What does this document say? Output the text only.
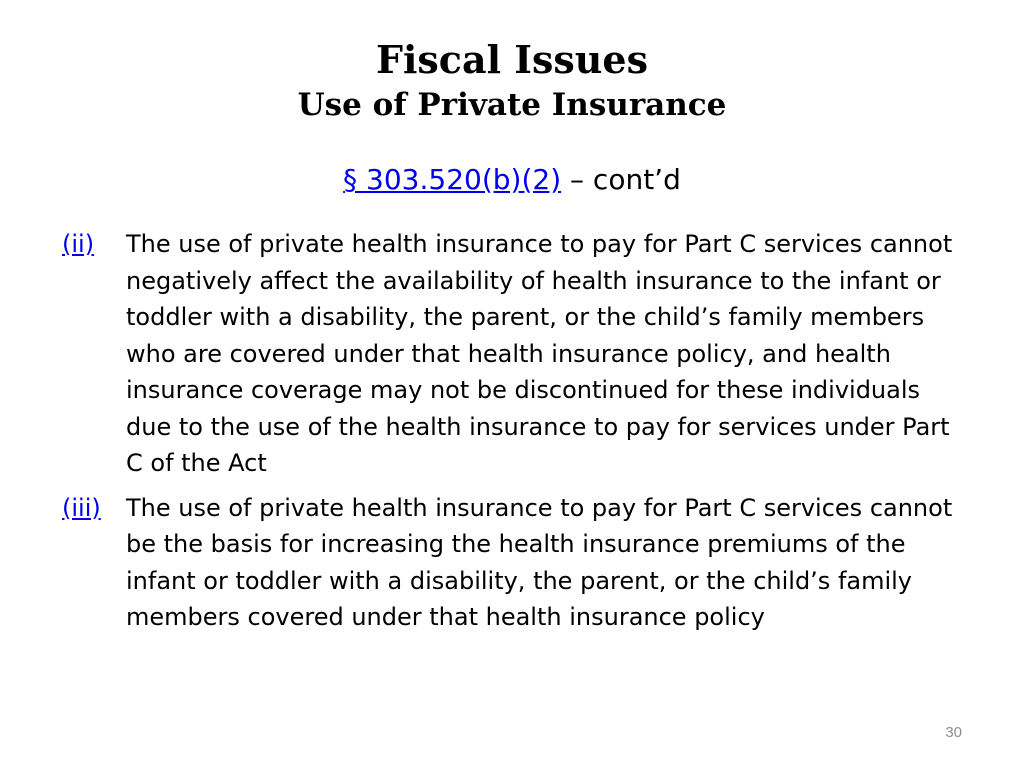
Fiscal Issues
Use of Private Insurance
§ 303.520(b)(2) – cont’d

(ii) The use of private health insurance to pay for Part C services cannot negatively affect the availability of health insurance to the infant or toddler with a disability, the parent, or the child’s family members who are covered under that health insurance policy, and health insurance coverage may not be discontinued for these individuals due to the use of the health insurance to pay for services under Part C of the Act

(iii) The use of private health insurance to pay for Part C services cannot be the basis for increasing the health insurance premiums of the infant or toddler with a disability, the parent, or the child’s family members covered under that health insurance policy

30
